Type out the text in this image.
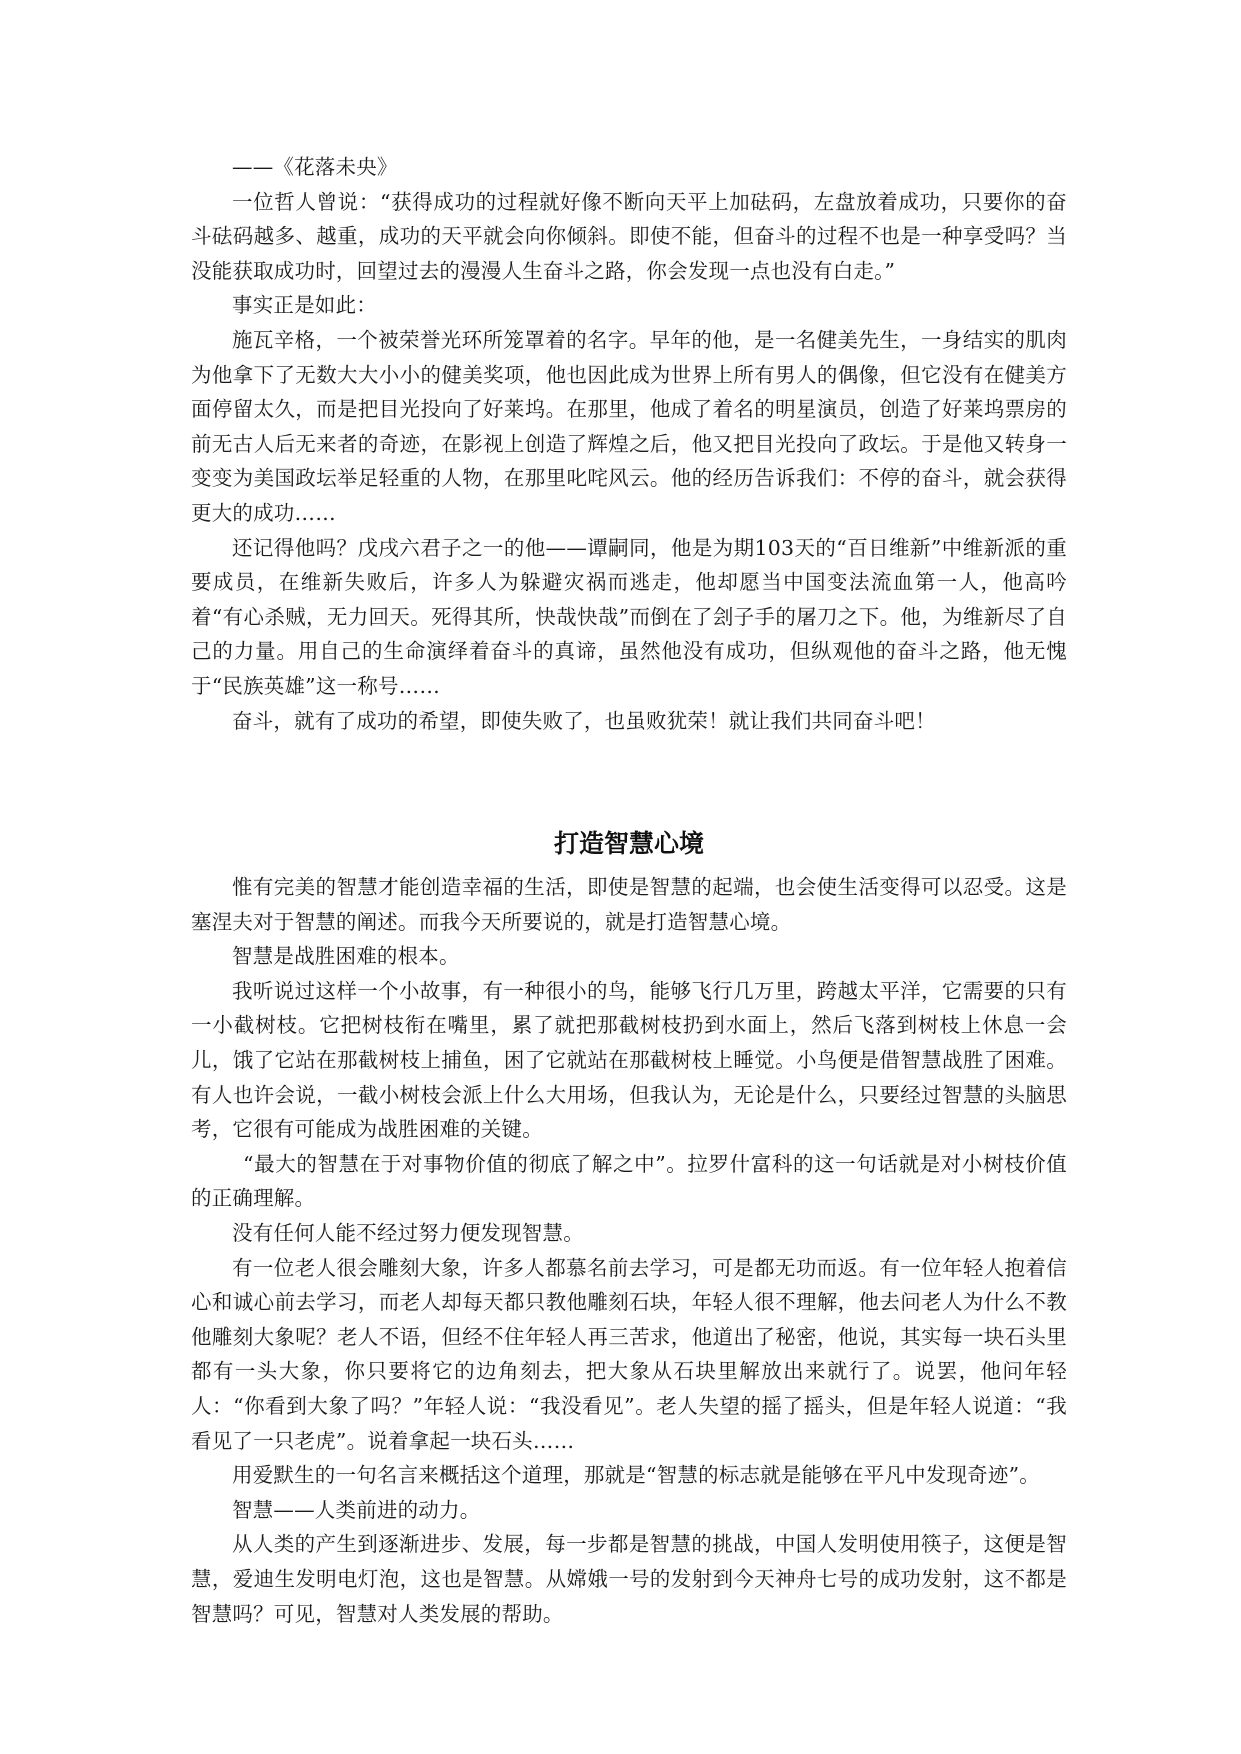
——《花落未央》

一位哲人曾说：“获得成功的过程就好像不断向天平上加砝码，左盘放着成功，只要你的奋斗砝码越多、越重，成功的天平就会向你倾斜。即使不能，但奋斗的过程不也是一种享受吗？当没能获取成功时，回望过去的漫漫人生奋斗之路，你会发现一点也没有白走。”

事实正是如此：

施瓦辛格，一个被荣誉光环所笼罩着的名字。早年的他，是一名健美先生，一身结实的肌肉为他拿下了无数大大小小的健美奖项，他也因此成为世界上所有男人的偶像，但它没有在健美方面停留太久，而是把目光投向了好莱坞。在那里，他成了着名的明星演员，创造了好莱坞票房的前无古人后无来者的奇迹，在影视上创造了辉煌之后，他又把目光投向了政坛。于是他又转身一变变为美国政坛举足轻重的人物，在那里叱咤风云。他的经历告诉我们：不停的奋斗，就会获得更大的成功……

还记得他吗？戊戌六君子之一的他——谭嗣同，他是为期103天的“百日维新”中维新派的重要成员，在维新失败后，许多人为躲避灾祸而逃走，他却愿当中国变法流血第一人，他高吟着“有心杀贼，无力回天。死得其所，快哉快哉”而倒在了刽子手的屠刀之下。他，为维新尽了自己的力量。用自己的生命演绎着奋斗的真谛，虽然他没有成功，但纵观他的奋斗之路，他无愧于“民族英雄”这一称号……

奋斗，就有了成功的希望，即使失败了，也虽败犹荣！就让我们共同奋斗吧！

打造智慧心境

惟有完美的智慧才能创造幸福的生活，即使是智慧的起端，也会使生活变得可以忍受。这是塞涅夫对于智慧的阐述。而我今天所要说的，就是打造智慧心境。

智慧是战胜困难的根本。

我听说过这样一个小故事，有一种很小的鸟，能够飞行几万里，跨越太平洋，它需要的只有一小截树枝。它把树枝衔在嘴里，累了就把那截树枝扔到水面上，然后飞落到树枝上休息一会儿，饿了它站在那截树枝上捕鱼，困了它就站在那截树枝上睡觉。小鸟便是借智慧战胜了困难。有人也许会说，一截小树枝会派上什么大用场，但我认为，无论是什么，只要经过智慧的头脑思考，它很有可能成为战胜困难的关键。

“最大的智慧在于对事物价值的彻底了解之中”。拉罗什富科的这一句话就是对小树枝价值的正确理解。

没有任何人能不经过努力便发现智慧。

有一位老人很会雕刻大象，许多人都慕名前去学习，可是都无功而返。有一位年轻人抱着信心和诚心前去学习，而老人却每天都只教他雕刻石块，年轻人很不理解，他去问老人为什么不教他雕刻大象呢？老人不语，但经不住年轻人再三苦求，他道出了秘密，他说，其实每一块石头里都有一头大象，你只要将它的边角刻去，把大象从石块里解放出来就行了。说罢，他问年轻人：“你看到大象了吗？”年轻人说：“我没看见”。老人失望的摇了摇头，但是年轻人说道：“我看见了一只老虎”。说着拿起一块石头……

用爱默生的一句名言来概括这个道理，那就是“智慧的标志就是能够在平凡中发现奇迹”。

智慧——人类前进的动力。

从人类的产生到逐渐进步、发展，每一步都是智慧的挑战，中国人发明使用筷子，这便是智慧，爱迪生发明电灯泡，这也是智慧。从嫦娥一号的发射到今天神舟七号的成功发射，这不都是智慧吗？可见，智慧对人类发展的帮助。
